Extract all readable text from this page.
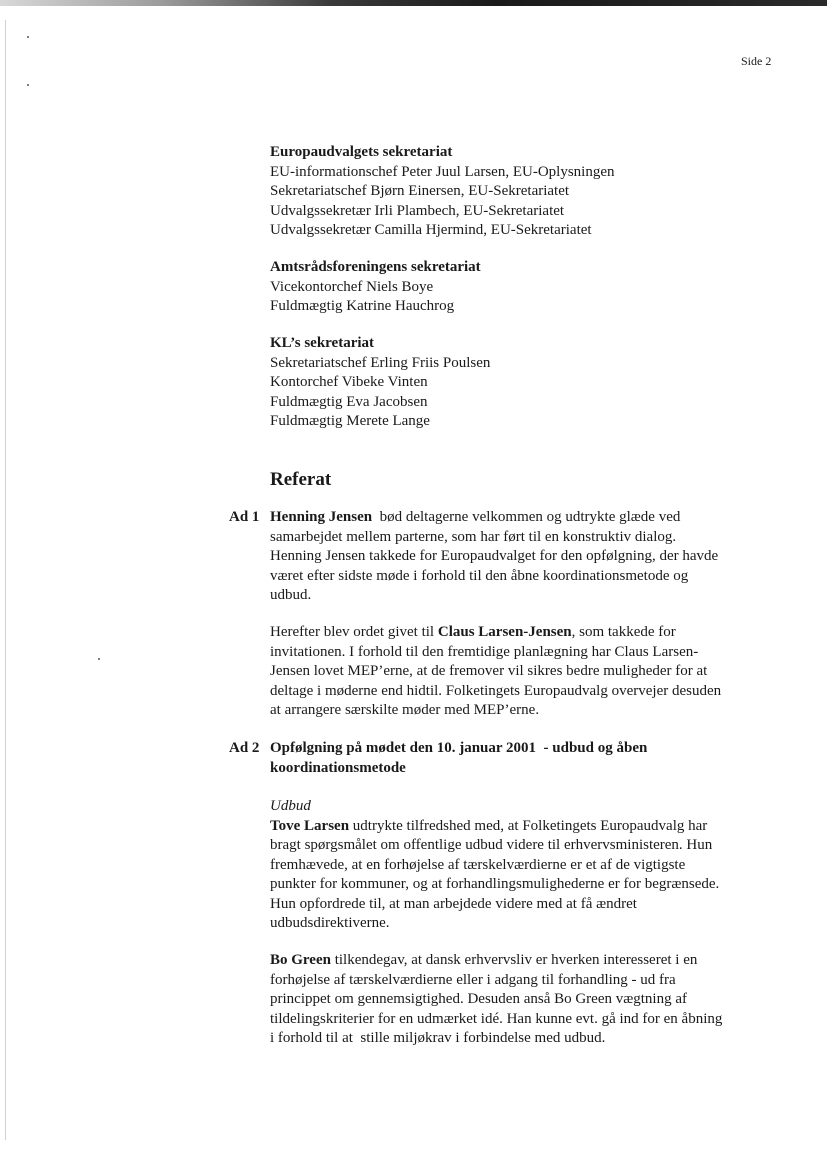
Side 2
Europaudvalgets sekretariat
EU-informationschef Peter Juul Larsen, EU-Oplysningen
Sekretariatschef Bjørn Einersen, EU-Sekretariatet
Udvalgssekretær Irli Plambech, EU-Sekretariatet
Udvalgssekretær Camilla Hjermind, EU-Sekretariatet
Amtsrådsforeningens sekretariat
Vicekontorchef Niels Boye
Fuldmægtig Katrine Hauchrog
KL’s sekretariat
Sekretariatschef Erling Friis Poulsen
Kontorchef Vibeke Vinten
Fuldmægtig Eva Jacobsen
Fuldmægtig Merete Lange
Referat
Ad 1 Henning Jensen  bød deltagerne velkommen og udtrykte glæde ved
samarbejdet mellem parterne, som har ført til en konstruktiv dialog.
Henning Jensen takkede for Europaudvalget for den opfølgning, der havde
været efter sidste møde i forhold til den åbne koordinationsmetode og
udbud.
Herefter blev ordet givet til Claus Larsen-Jensen, som takkede for
invitationen. I forhold til den fremtidige planlægning har Claus Larsen-
Jensen lovet MEP’erne, at de fremover vil sikres bedre muligheder for at
deltage i møderne end hidtil. Folketingets Europaudvalg overvejer desuden
at arrangere særskilte møder med MEP’erne.
Ad 2 Opfølgning på mødet den 10. januar 2001  - udbud og åben
koordinationsmetode
Udbud
Tove Larsen udtrykte tilfredshed med, at Folketingets Europaudvalg har
bragt spørgsmålet om offentlige udbud videre til erhvervsministeren. Hun
fremhævede, at en forhøjelse af tærskelværdierne er et af de vigtigste
punkter for kommuner, og at forhandlingsmulighederne er for begrænsede.
Hun opfordrede til, at man arbejdede videre med at få ændret
udbudsdirektiverne.
Bo Green tilkendegav, at dansk erhvervsliv er hverken interesseret i en
forhøjelse af tærskelværdierne eller i adgang til forhandling - ud fra
princippet om gennemsigtighed. Desuden anså Bo Green vægtning af
tildelingskriterier for en udmærket idé. Han kunne evt. gå ind for en åbning
i forhold til at  stille miljøkrav i forbindelse med udbud.
